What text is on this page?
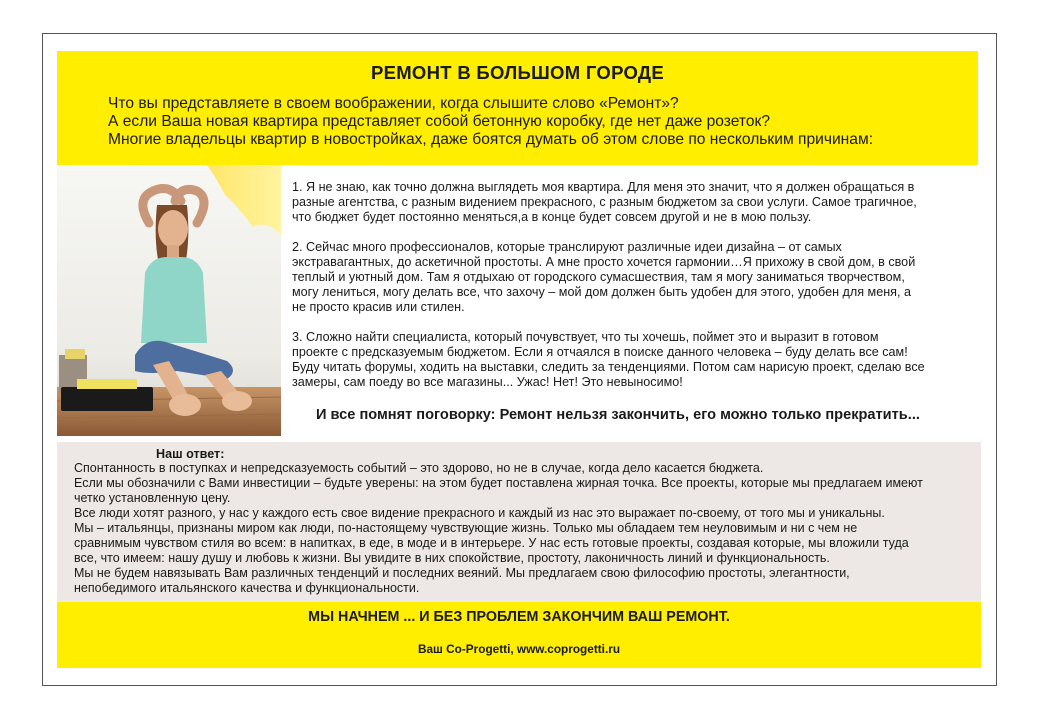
РЕМОНТ В БОЛЬШОМ ГОРОДЕ
Что вы представляете в своем воображении, когда слышите слово «Ремонт»?
А если Ваша новая квартира представляет собой бетонную коробку, где нет даже розеток?
Многие владельцы квартир в новостройках, даже боятся думать об этом слове по нескольким причинам:

1. Я не знаю, как точно должна выглядеть моя квартира. Для меня это значит, что я должен обращаться в
разные агентства, с разным видением прекрасного, с разным бюджетом за свои услуги. Самое трагичное,
что бюджет будет постоянно меняться,а в конце будет совсем другой и не в мою пользу.

2. Сейчас много профессионалов, которые транслируют различные идеи дизайна – от самых
экстравагантных, до аскетичной простоты. А мне просто хочется гармонии…Я прихожу в свой дом, в свой
теплый и уютный дом. Там я отдыхаю от городского сумасшествия, там я могу заниматься творчеством,
могу лениться, могу делать все, что захочу – мой дом должен быть удобен для этого, удобен для меня, а
не просто красив или стилен.

3. Сложно найти специалиста, который почувствует, что ты хочешь, поймет это и выразит в готовом
проекте с предсказуемым бюджетом. Если я отчаялся в поиске данного человека – буду делать все сам!
Буду читать форумы, ходить на выставки, следить за тенденциями. Потом сам нарисую проект, сделаю все
замеры, сам поеду во все магазины... Ужас! Нет! Это невыносимо!

И все помнят поговорку: Ремонт нельзя закончить, его можно только прекратить...
Наш ответ:
Спонтанность в поступках и непредсказуемость событий – это здорово, но не в случае, когда дело касается бюджета.
Если мы обозначили с Вами инвестиции – будьте уверены: на этом будет поставлена жирная точка. Все проекты, которые мы предлагаем имеют
четко установленную цену.
Все люди хотят разного, у нас у каждого есть свое видение прекрасного и каждый из нас это выражает по-своему, от того мы и уникальны.
Мы – итальянцы, признаны миром как люди, по-настоящему чувствующие жизнь. Только мы обладаем тем неуловимым и ни с чем не
сравнимым чувством стиля во всем: в напитках, в еде, в моде и в интерьере. У нас есть готовые проекты, создавая которые, мы вложили туда
все, что имеем: нашу душу и любовь к жизни. Вы увидите в них спокойствие, простоту, лаконичность линий и функциональность.
Мы не будем навязывать Вам различных тенденций и последних веяний. Мы предлагаем свою философию простоты, элегантности,
непобедимого итальянского качества и функциональности.
МЫ НАЧНЕМ ... И БЕЗ ПРОБЛЕМ ЗАКОНЧИМ ВАШ РЕМОНТ.
Ваш Co-Progetti, www.coprogetti.ru
